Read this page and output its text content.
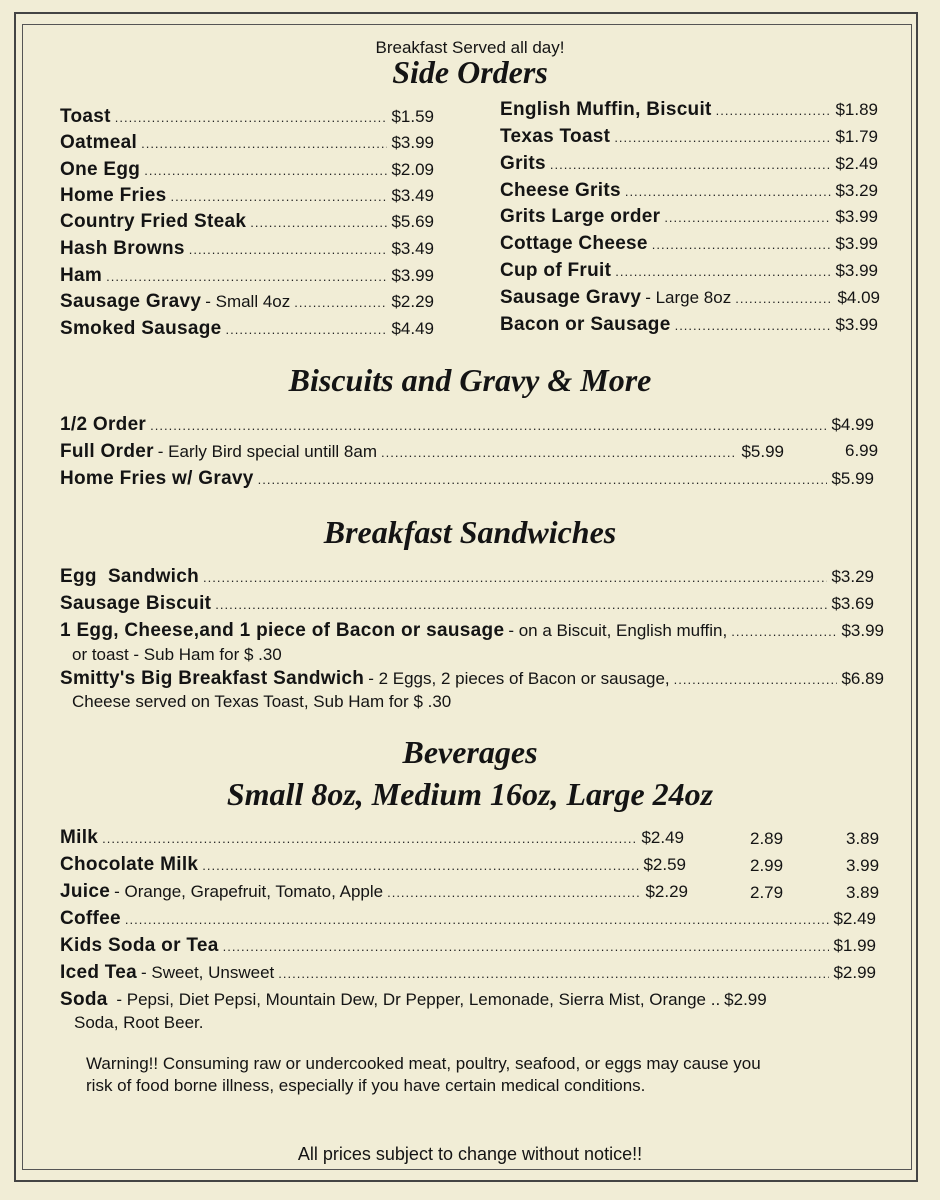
Breakfast Served all day!
Side Orders
Toast .....	$1.59
Oatmeal .....	$3.99
One Egg .....	$2.09
Home Fries .....	$3.49
Country Fried Steak .....	$5.69
Hash Browns .....	$3.49
Ham .....	$3.99
Sausage Gravy - Small 4oz .....	$2.29
Smoked Sausage .....	$4.49
English Muffin, Biscuit .....	$1.89
Texas Toast .....	$1.79
Grits .....	$2.49
Cheese Grits .....	$3.29
Grits Large order .....	$3.99
Cottage Cheese .....	$3.99
Cup of Fruit .....	$3.99
Sausage Gravy - Large 8oz .....	$4.09
Bacon or Sausage .....	$3.99
Biscuits and Gravy & More
1/2 Order .....	$4.99
Full Order - Early Bird special untill 8am .....	$5.99	6.99
Home Fries w/ Gravy .....	$5.99
Breakfast Sandwiches
Egg  Sandwich .....	$3.29
Sausage Biscuit .....	$3.69
1 Egg, Cheese,and 1 piece of Bacon or sausage - on a Biscuit, English muffin, .....	$3.99
or toast - Sub Ham for $ .30
Smitty's Big Breakfast Sandwich - 2 Eggs, 2 pieces of Bacon or sausage, .....	$6.89
Cheese served on Texas Toast, Sub Ham for $ .30
Beverages
Small 8oz, Medium 16oz, Large 24oz
Milk .....	$2.49	2.89	3.89
Chocolate Milk .....	$2.59	2.99	3.99
Juice - Orange, Grapefruit, Tomato, Apple .....	$2.29	2.79	3.89
Coffee .....	$2.49
Kids Soda or Tea .....	$1.99
Iced Tea - Sweet, Unsweet .....	$2.99
Soda - Pepsi, Diet Pepsi, Mountain Dew, Dr Pepper, Lemonade, Sierra Mist, Orange .. $2.99
Soda, Root Beer.
Warning!! Consuming raw or undercooked meat, poultry, seafood, or eggs may cause you
risk of food borne illness, especially if you have certain medical conditions.
All prices subject to change without notice!!
